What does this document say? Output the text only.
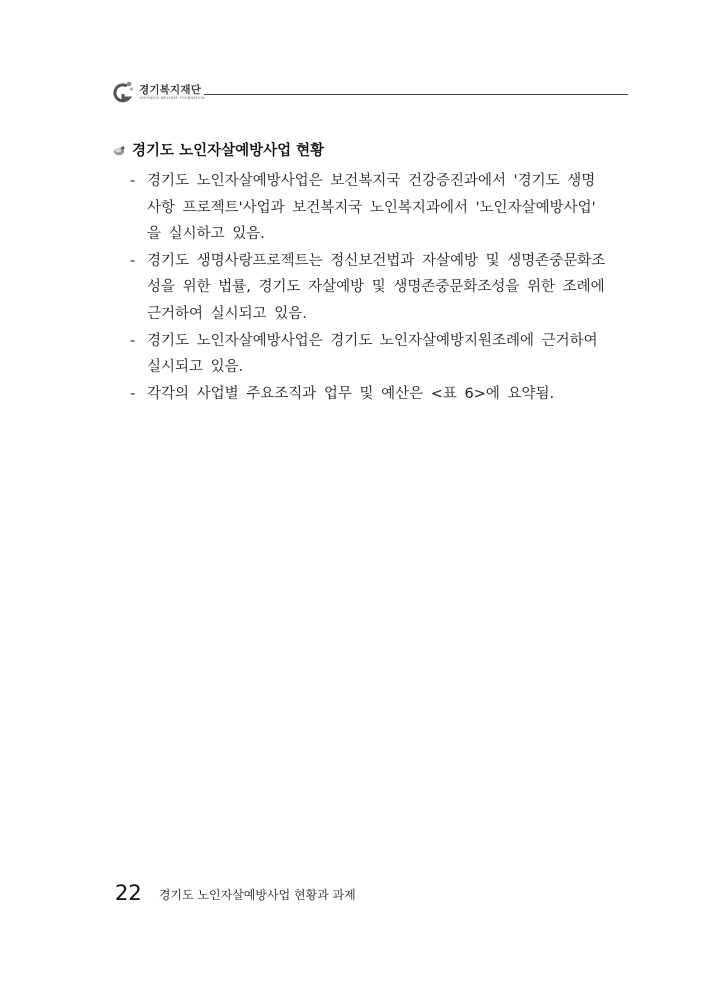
경기복지재단
GYEONGGI WELFARE FOUNDATION
경기도 노인자살예방사업 현황
- 경기도 노인자살예방사업은 보건복지국 건강증진과에서 '경기도 생명
사항 프로젝트'사업과 보건복지국 노인복지과에서 '노인자살예방사업'
을 실시하고 있음.
- 경기도 생명사랑프로젝트는 정신보건법과 자살예방 및 생명존중문화조
성을 위한 법률, 경기도 자살예방 및 생명존중문화조성을 위한 조례에
근거하여 실시되고 있음.
- 경기도 노인자살예방사업은 경기도 노인자살예방지원조례에 근거하여
실시되고 있음.
- 각각의 사업별 주요조직과 업무 및 예산은 <표 6>에 요약됨.
22 경기도 노인자살예방사업 현황과 과제
